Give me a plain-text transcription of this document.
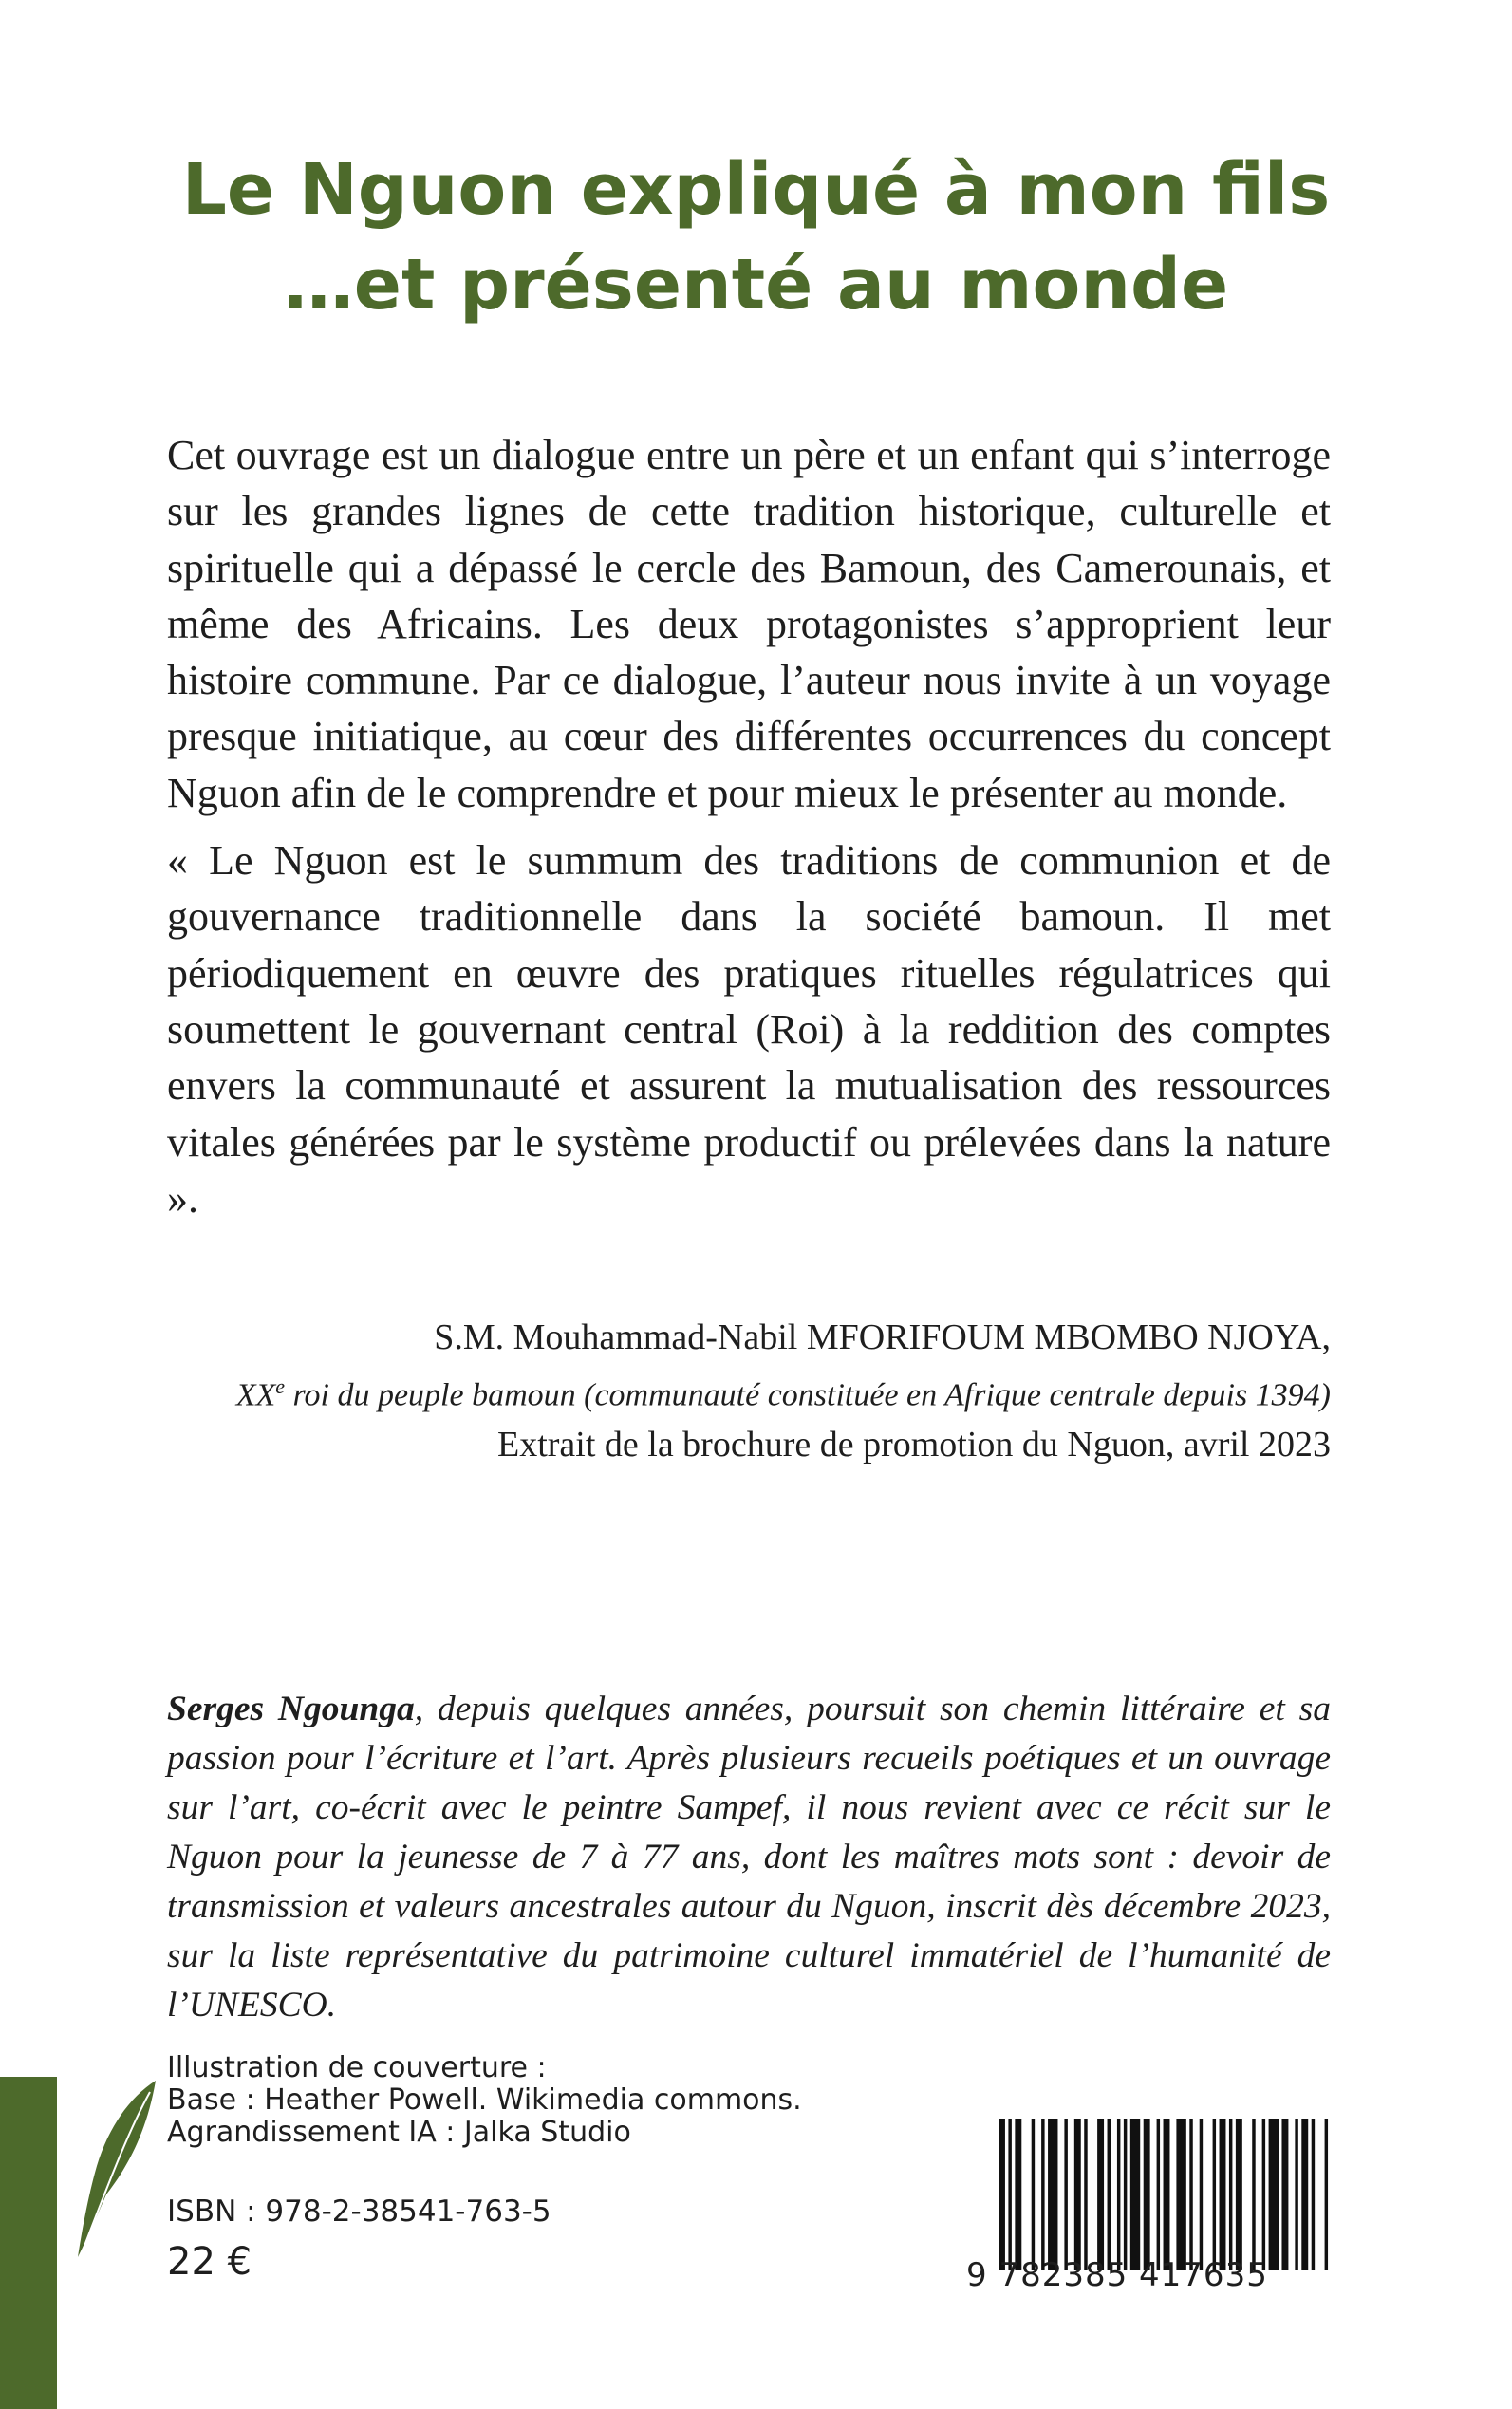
Le Nguon expliqué à mon fils
…et présenté au monde

Cet ouvrage est un dialogue entre un père et un enfant qui s’interroge sur les grandes lignes de cette tradition historique, culturelle et spirituelle qui a dépassé le cercle des Bamoun, des Camerounais, et même des Africains. Les deux protagonistes s’approprient leur histoire commune. Par ce dialogue, l’auteur nous invite à un voyage presque initiatique, au cœur des différentes occurrences du concept Nguon afin de le comprendre et pour mieux le présenter au monde.

« Le Nguon est le summum des traditions de communion et de gouvernance traditionnelle dans la société bamoun. Il met périodiquement en œuvre des pratiques rituelles régulatrices qui soumettent le gouvernant central (Roi) à la reddition des comptes envers la communauté et assurent la mutualisation des ressources vitales générées par le système productif ou prélevées dans la nature ».

S.M. Mouhammad-Nabil MFORIFOUM MBOMBO NJOYA,
XXe roi du peuple bamoun (communauté constituée en Afrique centrale depuis 1394)
Extrait de la brochure de promotion du Nguon, avril 2023

Serges Ngounga, depuis quelques années, poursuit son chemin littéraire et sa passion pour l’écriture et l’art. Après plusieurs recueils poétiques et un ouvrage sur l’art, co-écrit avec le peintre Sampef, il nous revient avec ce récit sur le Nguon pour la jeunesse de 7 à 77 ans, dont les maîtres mots sont : devoir de transmission et valeurs ancestrales autour du Nguon, inscrit dès décembre 2023, sur la liste représentative du patrimoine culturel immatériel de l’humanité de l’UNESCO.

Illustration de couverture :
Base : Heather Powell. Wikimedia commons.
Agrandissement IA : Jalka Studio
ISBN : 978-2-38541-763-5
22 €	9 782385 417635
